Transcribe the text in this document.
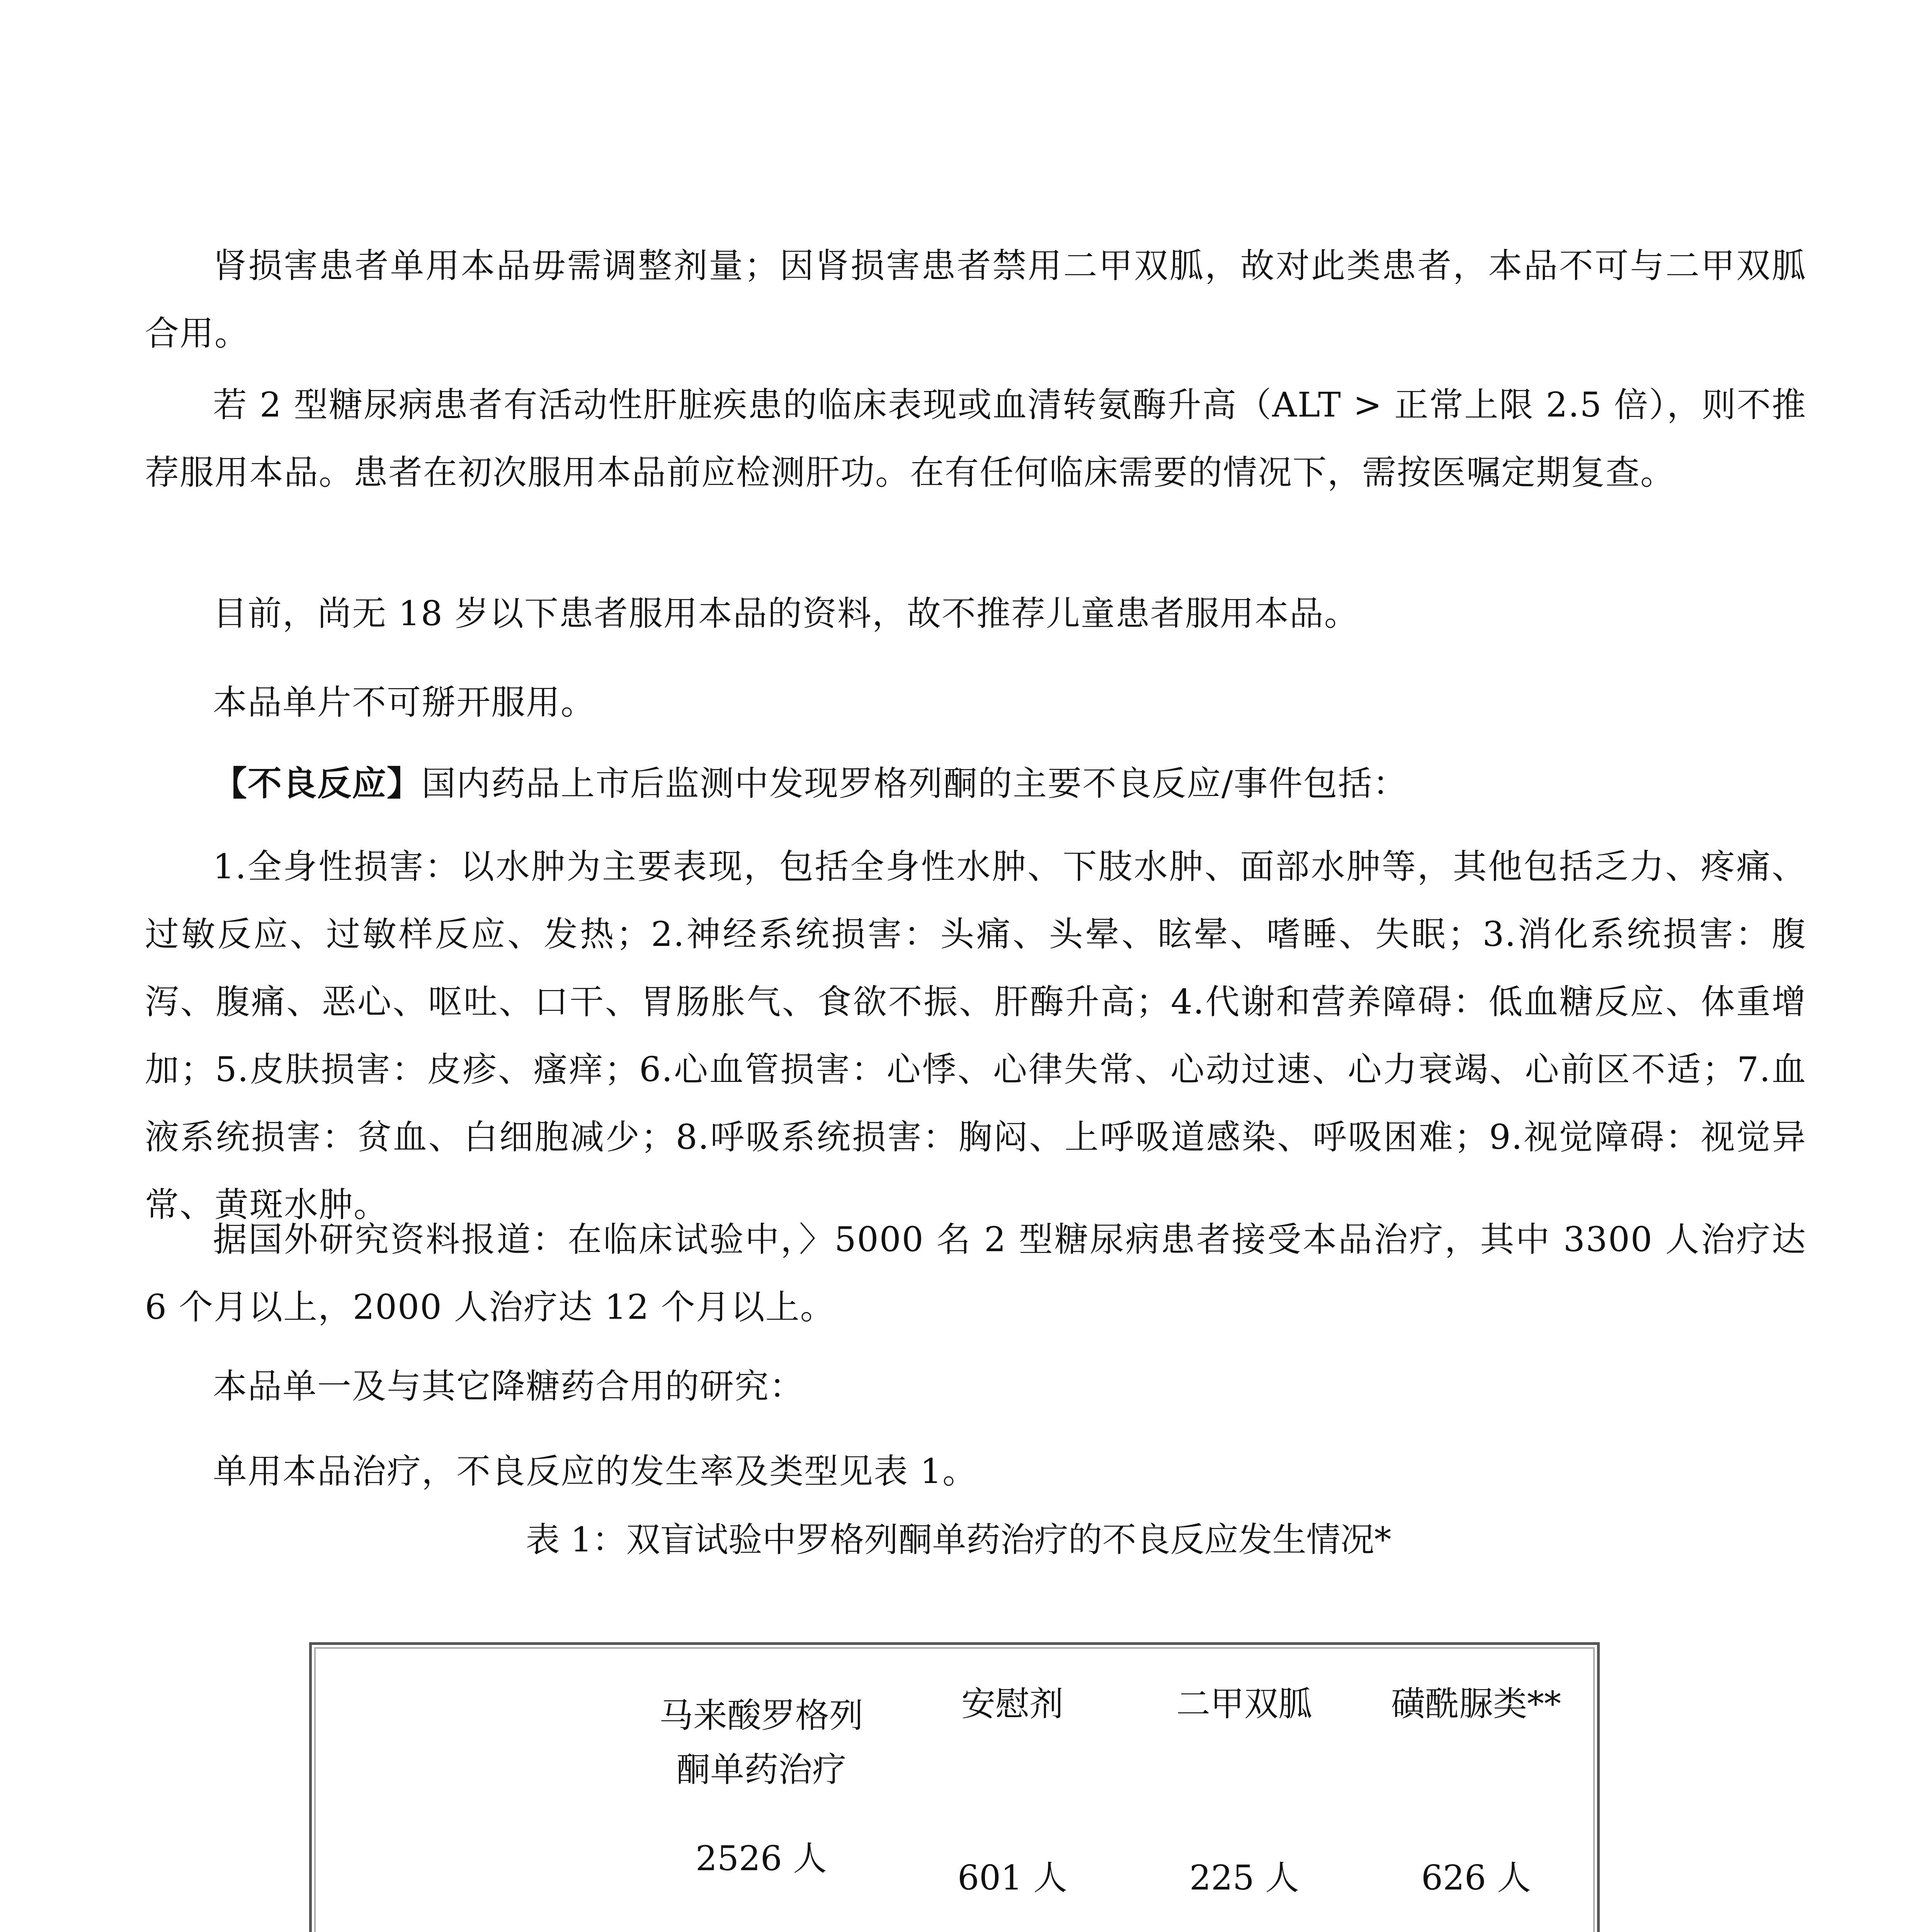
肾损害患者单用本品毋需调整剂量；因肾损害患者禁用二甲双胍，故对此类患者，本品不可与二甲双胍合用。

若 2 型糖尿病患者有活动性肝脏疾患的临床表现或血清转氨酶升高（ALT > 正常上限 2.5 倍），则不推荐服用本品。患者在初次服用本品前应检测肝功。在有任何临床需要的情况下，需按医嘱定期复查。

目前，尚无 18 岁以下患者服用本品的资料，故不推荐儿童患者服用本品。

本品单片不可掰开服用。

【不良反应】国内药品上市后监测中发现罗格列酮的主要不良反应/事件包括：

1.全身性损害：以水肿为主要表现，包括全身性水肿、下肢水肿、面部水肿等，其他包括乏力、疼痛、过敏反应、过敏样反应、发热；2.神经系统损害：头痛、头晕、眩晕、嗜睡、失眠；3.消化系统损害：腹泻、腹痛、恶心、呕吐、口干、胃肠胀气、食欲不振、肝酶升高；4.代谢和营养障碍：低血糖反应、体重增加；5.皮肤损害：皮疹、瘙痒；6.心血管损害：心悸、心律失常、心动过速、心力衰竭、心前区不适；7.血液系统损害：贫血、白细胞减少；8.呼吸系统损害：胸闷、上呼吸道感染、呼吸困难；9.视觉障碍：视觉异常、黄斑水肿。

据国外研究资料报道：在临床试验中，〉5000 名 2 型糖尿病患者接受本品治疗，其中 3300 人治疗达 6 个月以上，2000 人治疗达 12 个月以上。

本品单一及与其它降糖药合用的研究：

单用本品治疗，不良反应的发生率及类型见表 1。

表 1：双盲试验中罗格列酮单药治疗的不良反应发生情况*

马来酸罗格列
酮单药治疗
安慰剂	二甲双胍	磺酰脲类**
2526 人	601 人	225 人	626 人
